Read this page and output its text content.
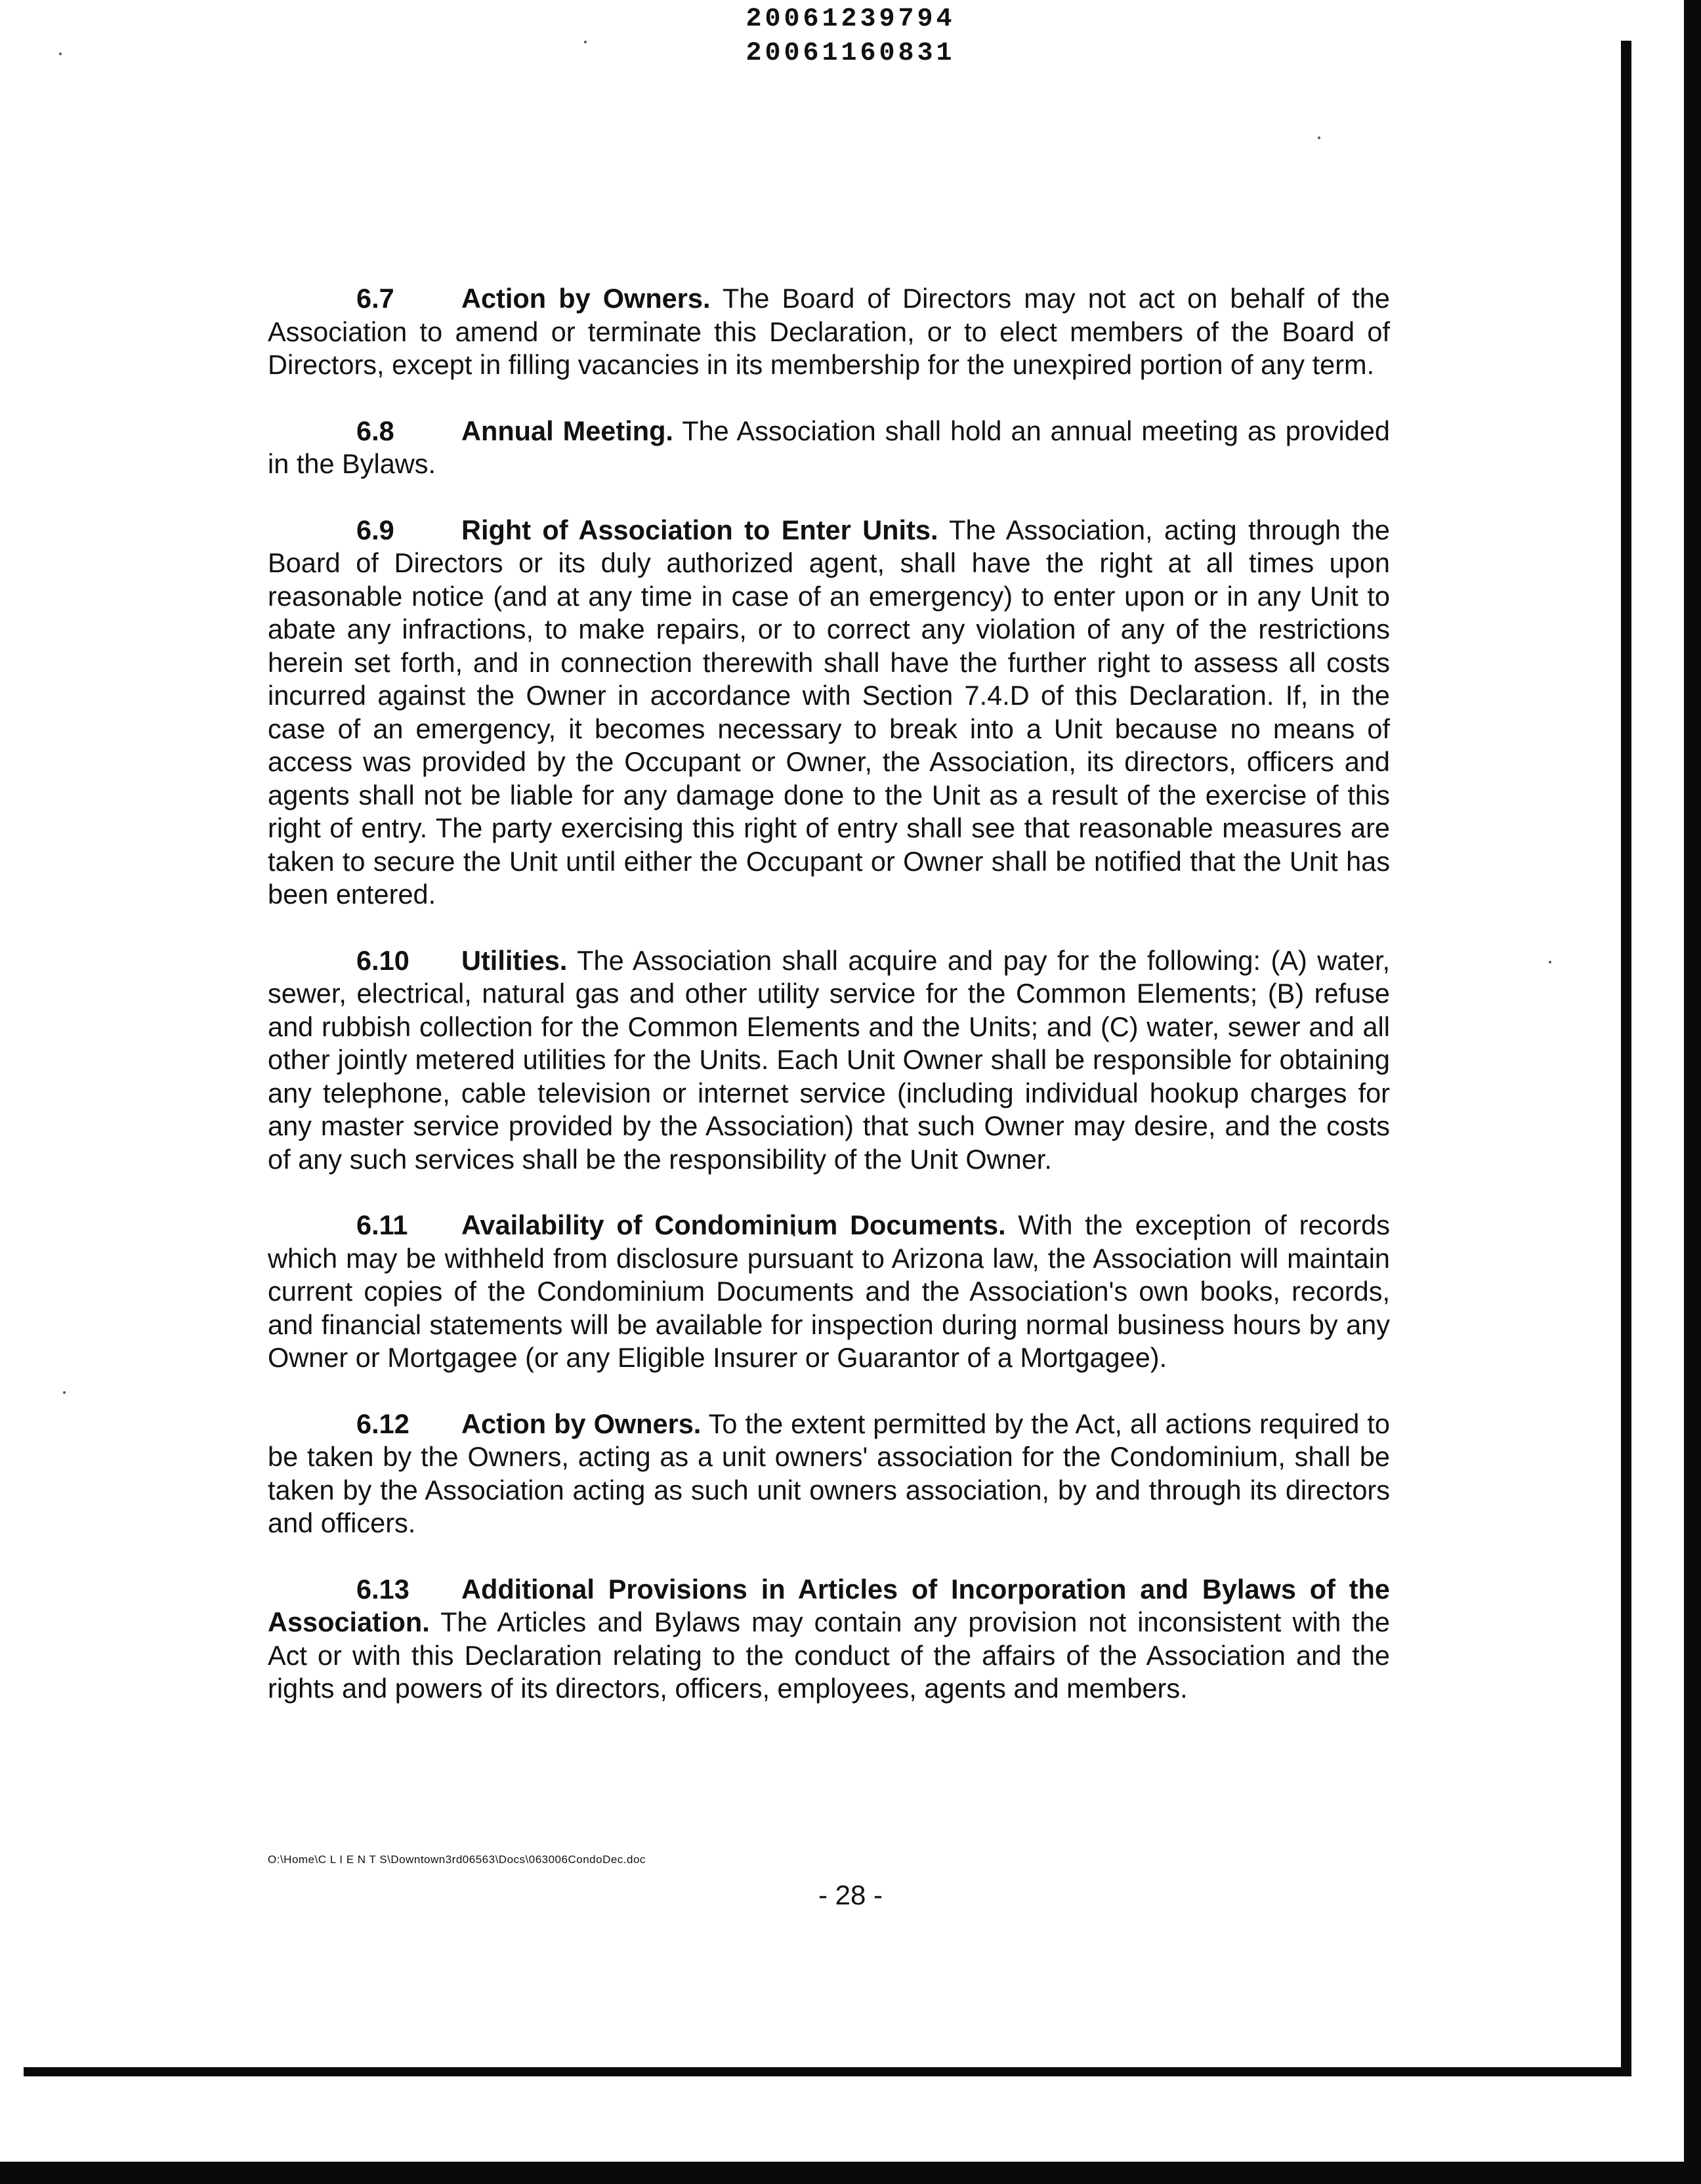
20061239794
20061160831

6.7 Action by Owners. The Board of Directors may not act on behalf of the Association to amend or terminate this Declaration, or to elect members of the Board of Directors, except in filling vacancies in its membership for the unexpired portion of any term.

6.8 Annual Meeting. The Association shall hold an annual meeting as provided in the Bylaws.

6.9 Right of Association to Enter Units. The Association, acting through the Board of Directors or its duly authorized agent, shall have the right at all times upon reasonable notice (and at any time in case of an emergency) to enter upon or in any Unit to abate any infractions, to make repairs, or to correct any violation of any of the restrictions herein set forth, and in connection therewith shall have the further right to assess all costs incurred against the Owner in accordance with Section 7.4.D of this Declaration. If, in the case of an emergency, it becomes necessary to break into a Unit because no means of access was provided by the Occupant or Owner, the Association, its directors, officers and agents shall not be liable for any damage done to the Unit as a result of the exercise of this right of entry. The party exercising this right of entry shall see that reasonable measures are taken to secure the Unit until either the Occupant or Owner shall be notified that the Unit has been entered.

6.10 Utilities. The Association shall acquire and pay for the following: (A) water, sewer, electrical, natural gas and other utility service for the Common Elements; (B) refuse and rubbish collection for the Common Elements and the Units; and (C) water, sewer and all other jointly metered utilities for the Units. Each Unit Owner shall be responsible for obtaining any telephone, cable television or internet service (including individual hookup charges for any master service provided by the Association) that such Owner may desire, and the costs of any such services shall be the responsibility of the Unit Owner.

6.11 Availability of Condominium Documents. With the exception of records which may be withheld from disclosure pursuant to Arizona law, the Association will maintain current copies of the Condominium Documents and the Association's own books, records, and financial statements will be available for inspection during normal business hours by any Owner or Mortgagee (or any Eligible Insurer or Guarantor of a Mortgagee).

6.12 Action by Owners. To the extent permitted by the Act, all actions required to be taken by the Owners, acting as a unit owners' association for the Condominium, shall be taken by the Association acting as such unit owners association, by and through its directors and officers.

6.13 Additional Provisions in Articles of Incorporation and Bylaws of the Association. The Articles and Bylaws may contain any provision not inconsistent with the Act or with this Declaration relating to the conduct of the affairs of the Association and the rights and powers of its directors, officers, employees, agents and members.

O:\Home\C L I E N T S\Downtown3rd06563\Docs\063006CondoDec.doc
- 28 -
